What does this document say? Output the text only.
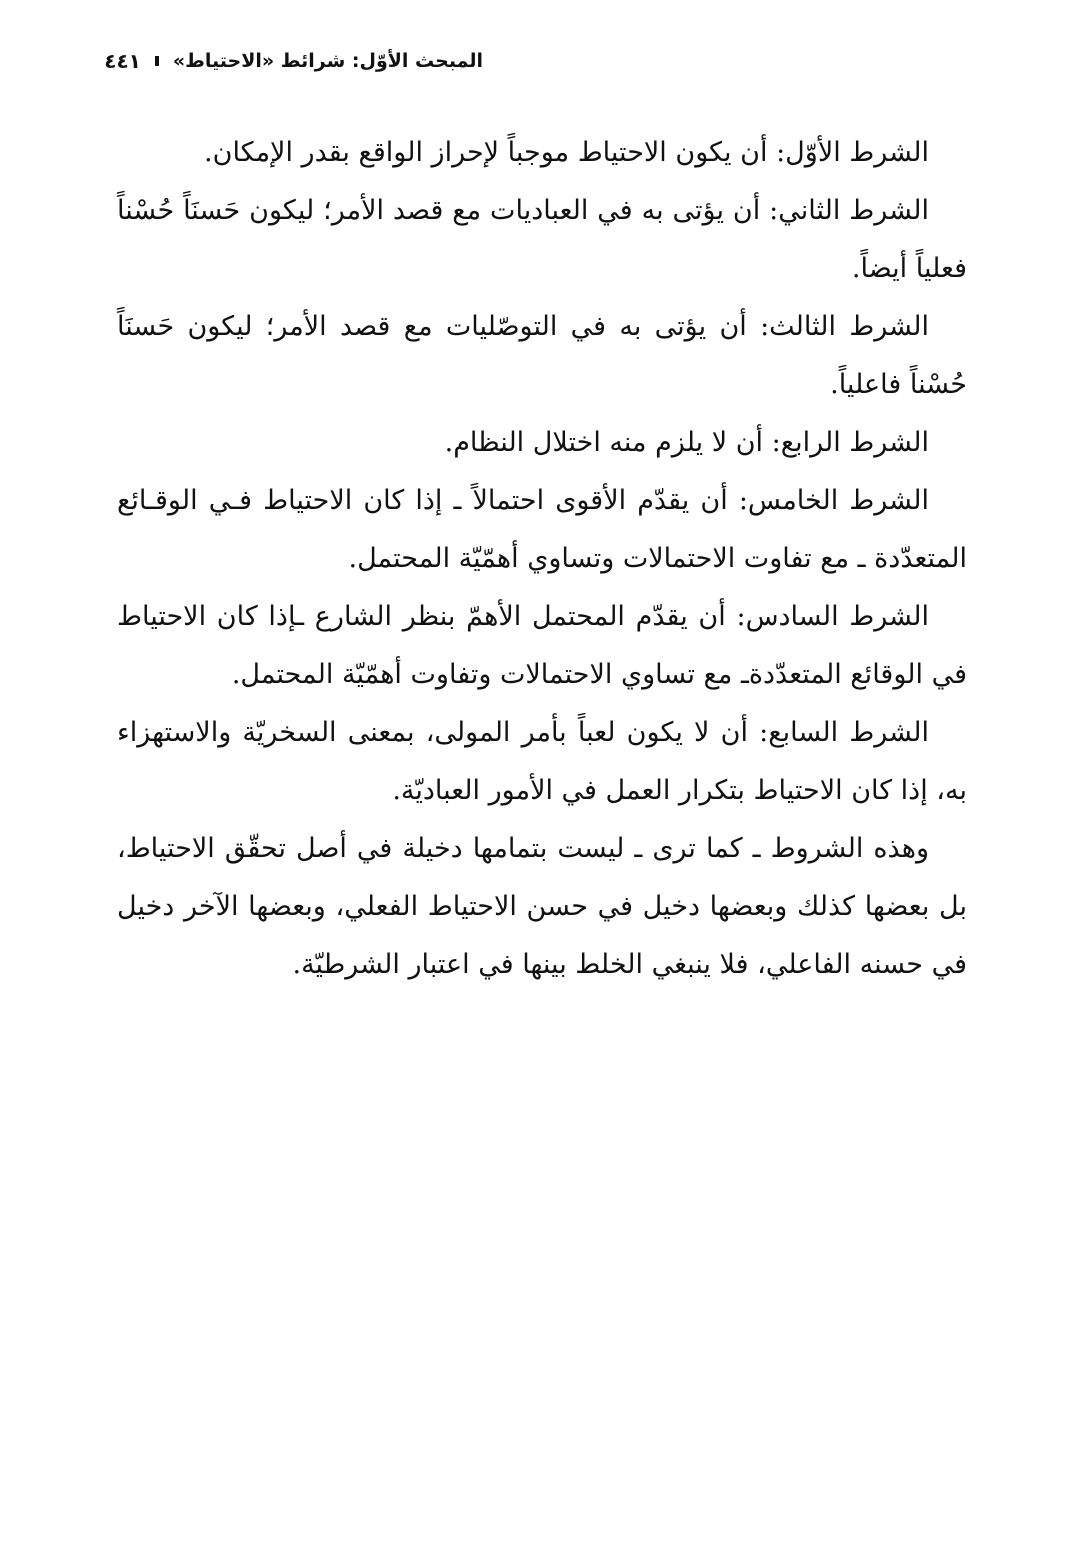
المبحث الأوّل: شرائط «الاحتياط»
٤٤١

الشرط الأوّل: أن يكون الاحتياط موجباً لإحراز الواقع بقدر الإمكان.

الشرط الثاني: أن يؤتى به في العباديات مع قصد الأمر؛ ليكون حَسنَاً حُسْناً فعلياً أيضاً.

الشرط الثالث: أن يؤتى به في التوصّليات مع قصد الأمر؛ ليكون حَسنَاً حُسْناً فاعلياً.

الشرط الرابع: أن لا يلزم منه اختلال النظام.

الشرط الخامس: أن يقدّم الأقوى احتمالاً ـ إذا كان الاحتياط فـي الوقـائع المتعدّدة ـ مع تفاوت الاحتمالات وتساوي أهمّيّة المحتمل.

الشرط السادس: أن يقدّم المحتمل الأهمّ بنظر الشارع ـإذا كان الاحتياط في الوقائع المتعدّدةـ مع تساوي الاحتمالات وتفاوت أهمّيّة المحتمل.

الشرط السابع: أن لا يكون لعباً بأمر المولى، بمعنى السخريّة والاستهزاء به، إذا كان الاحتياط بتكرار العمل في الأمور العباديّة.

وهذه الشروط ـ كما ترى ـ ليست بتمامها دخيلة في أصل تحقّق الاحتياط، بل بعضها كذلك وبعضها دخيل في حسن الاحتياط الفعلي، وبعضها الآخر دخيل في حسنه الفاعلي، فلا ينبغي الخلط بينها في اعتبار الشرطيّة.
